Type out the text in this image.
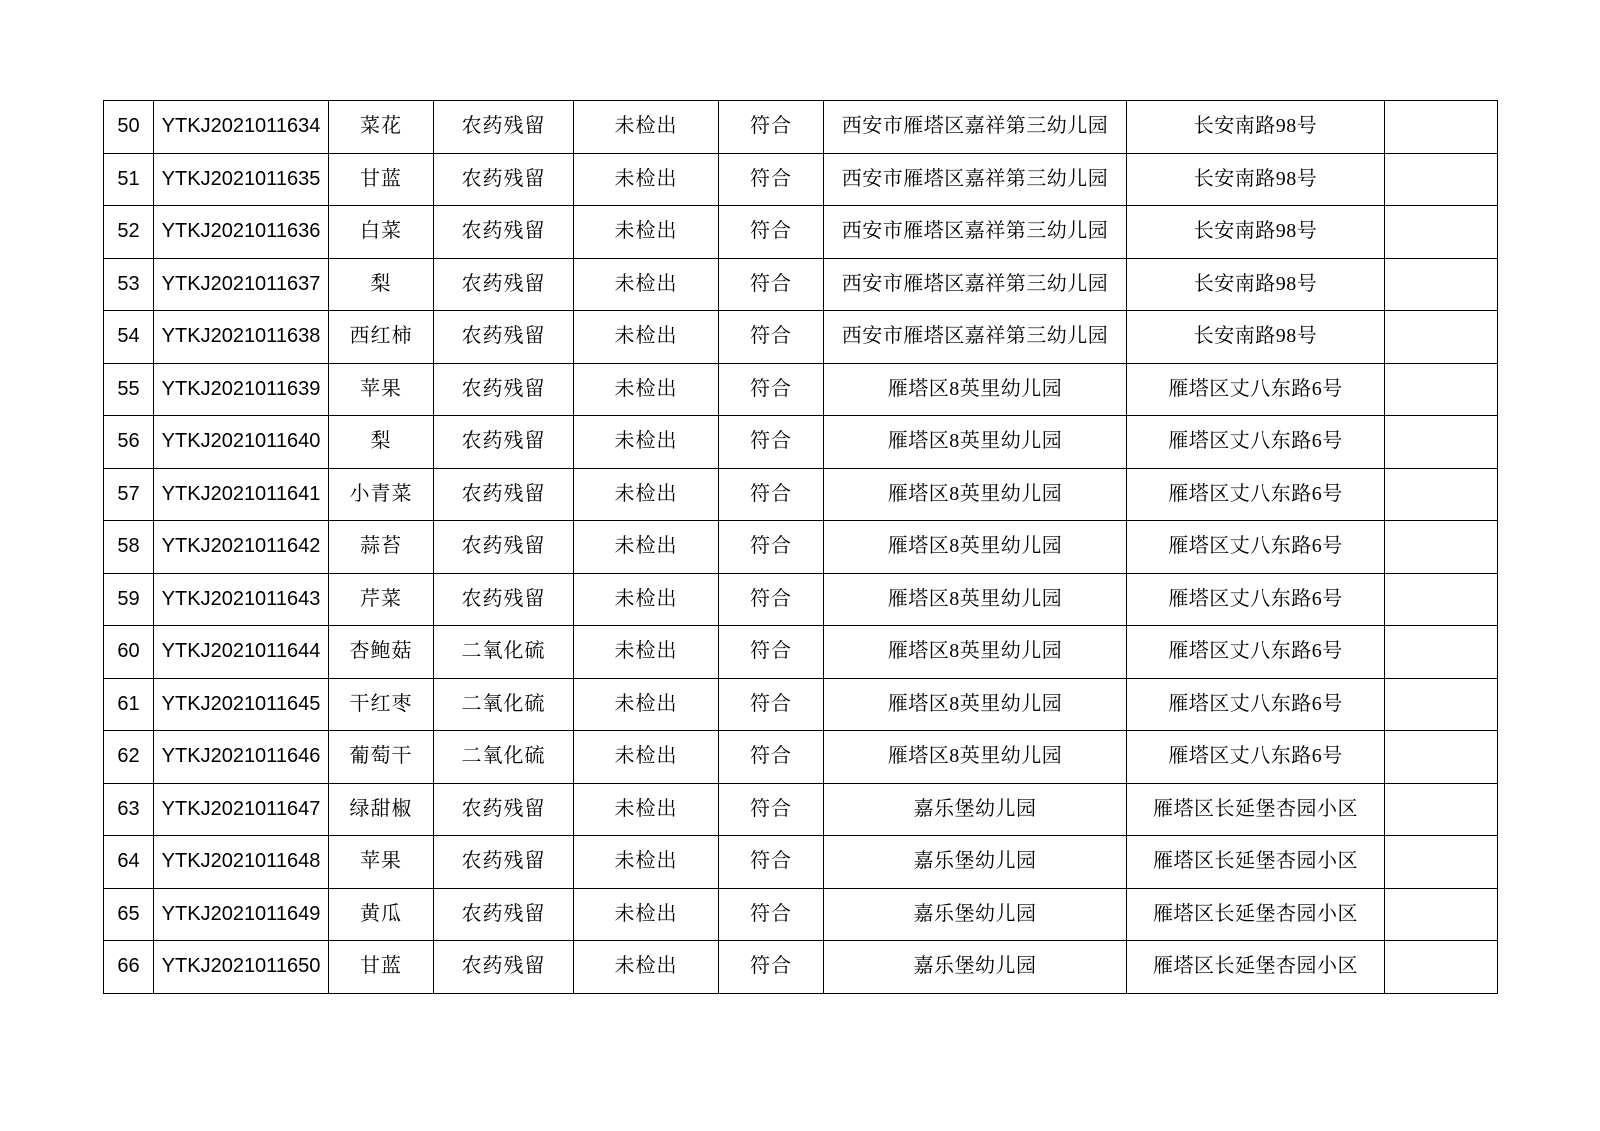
50	YTKJ2021011634	菜花	农药残留	未检出	符合	西安市雁塔区嘉祥第三幼儿园	长安南路98号	
51	YTKJ2021011635	甘蓝	农药残留	未检出	符合	西安市雁塔区嘉祥第三幼儿园	长安南路98号	
52	YTKJ2021011636	白菜	农药残留	未检出	符合	西安市雁塔区嘉祥第三幼儿园	长安南路98号	
53	YTKJ2021011637	梨	农药残留	未检出	符合	西安市雁塔区嘉祥第三幼儿园	长安南路98号	
54	YTKJ2021011638	西红柿	农药残留	未检出	符合	西安市雁塔区嘉祥第三幼儿园	长安南路98号	
55	YTKJ2021011639	苹果	农药残留	未检出	符合	雁塔区8英里幼儿园	雁塔区丈八东路6号	
56	YTKJ2021011640	梨	农药残留	未检出	符合	雁塔区8英里幼儿园	雁塔区丈八东路6号	
57	YTKJ2021011641	小青菜	农药残留	未检出	符合	雁塔区8英里幼儿园	雁塔区丈八东路6号	
58	YTKJ2021011642	蒜苔	农药残留	未检出	符合	雁塔区8英里幼儿园	雁塔区丈八东路6号	
59	YTKJ2021011643	芹菜	农药残留	未检出	符合	雁塔区8英里幼儿园	雁塔区丈八东路6号	
60	YTKJ2021011644	杏鲍菇	二氧化硫	未检出	符合	雁塔区8英里幼儿园	雁塔区丈八东路6号	
61	YTKJ2021011645	干红枣	二氧化硫	未检出	符合	雁塔区8英里幼儿园	雁塔区丈八东路6号	
62	YTKJ2021011646	葡萄干	二氧化硫	未检出	符合	雁塔区8英里幼儿园	雁塔区丈八东路6号	
63	YTKJ2021011647	绿甜椒	农药残留	未检出	符合	嘉乐堡幼儿园	雁塔区长延堡杏园小区	
64	YTKJ2021011648	苹果	农药残留	未检出	符合	嘉乐堡幼儿园	雁塔区长延堡杏园小区	
65	YTKJ2021011649	黄瓜	农药残留	未检出	符合	嘉乐堡幼儿园	雁塔区长延堡杏园小区	
66	YTKJ2021011650	甘蓝	农药残留	未检出	符合	嘉乐堡幼儿园	雁塔区长延堡杏园小区	
